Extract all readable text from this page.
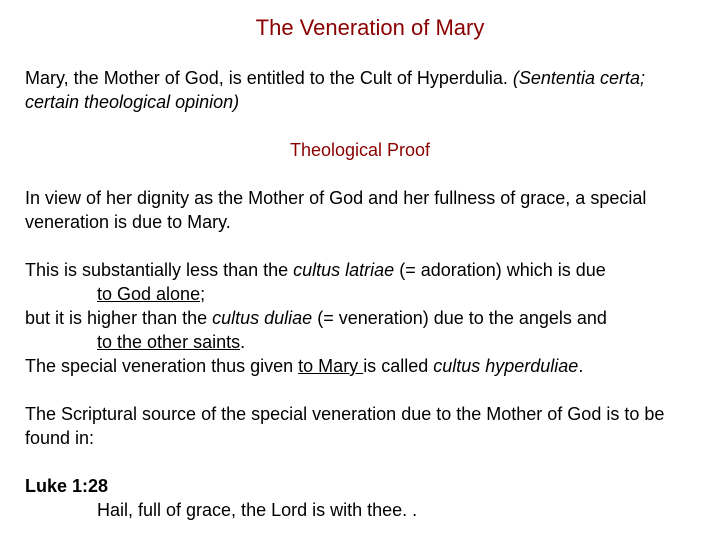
The Veneration of Mary
Mary, the Mother of God, is entitled to the Cult of Hyperdulia. (Sententia certa; certain theological opinion)
Theological Proof
In view of her dignity as the Mother of God and her fullness of grace, a special veneration is due to Mary.
This is substantially less than the cultus latriae (= adoration) which is due
to God alone;
but it is higher than the cultus duliae (= veneration) due to the angels and
to the other saints.
The special veneration thus given to Mary is called cultus hyperduliae.
The Scriptural source of the special veneration due to the Mother of God is to be found in:
Luke 1:28
Hail, full of grace, the Lord is with thee. .
